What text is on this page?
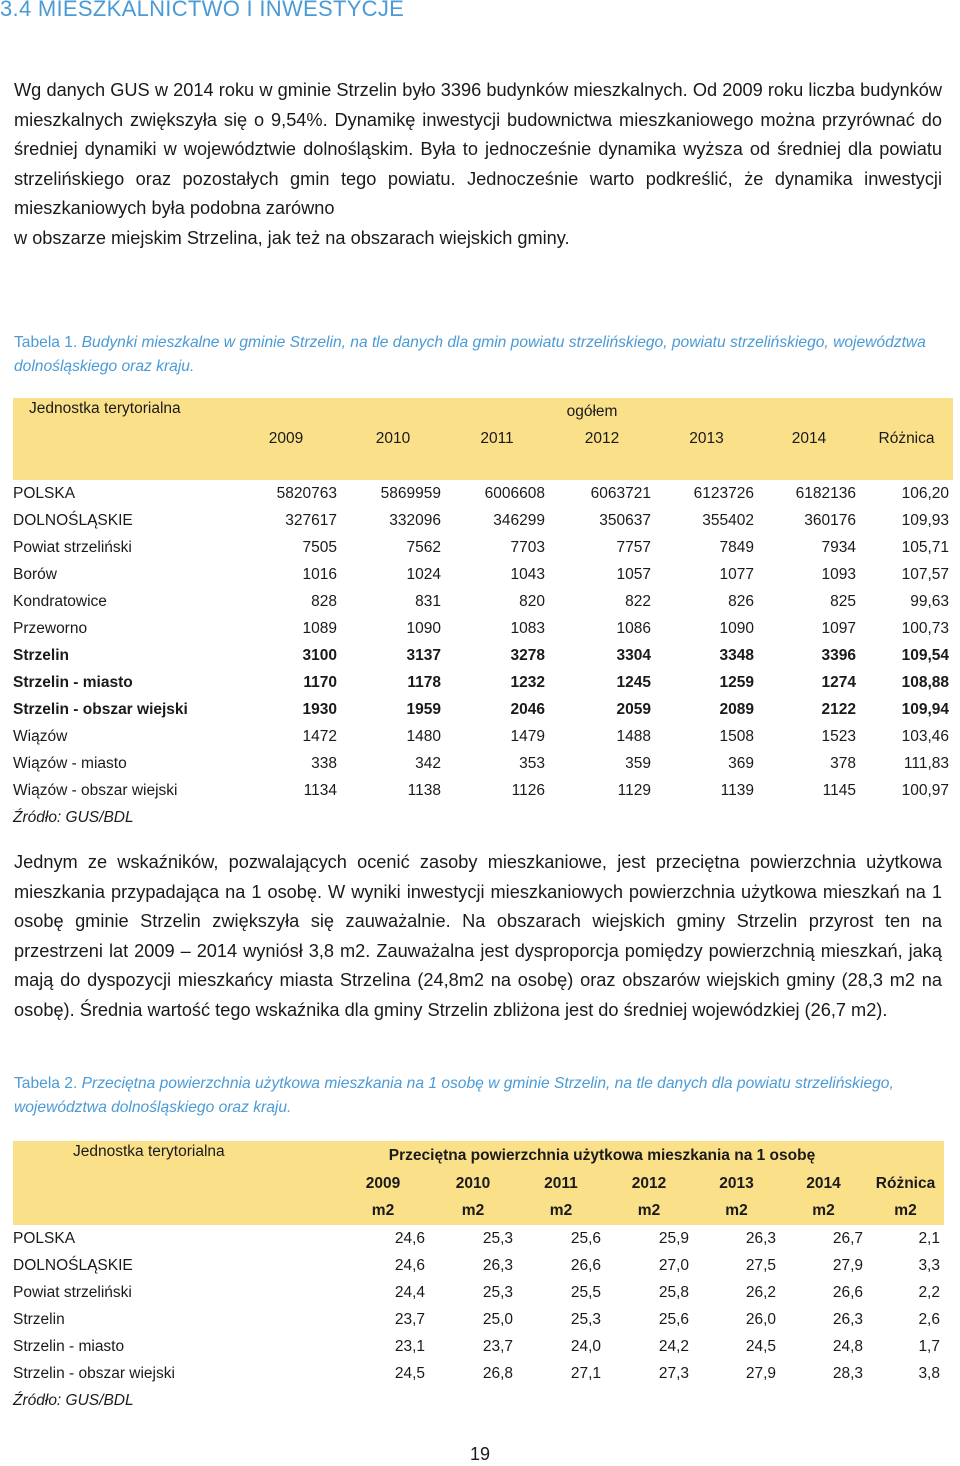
3.4 MIESZKALNICTWO I INWESTYCJE
Wg danych GUS w 2014 roku w gminie Strzelin było 3396 budynków mieszkalnych. Od 2009 roku liczba budynków mieszkalnych zwiększyła się o 9,54%. Dynamikę inwestycji budownictwa mieszkaniowego można przyrównać do średniej dynamiki w województwie dolnośląskim. Była to jednocześnie dynamika wyższa od średniej dla powiatu strzelińskiego oraz pozostałych gmin tego powiatu. Jednocześnie warto podkreślić, że dynamika inwestycji mieszkaniowych była podobna zarówno
w obszarze miejskim Strzelina, jak też na obszarach wiejskich gminy.
Tabela 1. Budynki mieszkalne w gminie Strzelin, na tle danych dla gmin powiatu strzelińskiego, powiatu strzelińskiego, województwa dolnośląskiego oraz kraju.
Jednostka terytorialna	ogółem						
	2009	2010	2011	2012	2013	2014	Różnica
POLSKA	5820763	5869959	6006608	6063721	6123726	6182136	106,20
DOLNOŚLĄSKIE	327617	332096	346299	350637	355402	360176	109,93
Powiat strzeliński	7505	7562	7703	7757	7849	7934	105,71
Borów	1016	1024	1043	1057	1077	1093	107,57
Kondratowice	828	831	820	822	826	825	99,63
Przeworno	1089	1090	1083	1086	1090	1097	100,73
Strzelin	3100	3137	3278	3304	3348	3396	109,54
Strzelin - miasto	1170	1178	1232	1245	1259	1274	108,88
Strzelin - obszar wiejski	1930	1959	2046	2059	2089	2122	109,94
Wiązów	1472	1480	1479	1488	1508	1523	103,46
Wiązów - miasto	338	342	353	359	369	378	111,83
Wiązów - obszar wiejski	1134	1138	1126	1129	1139	1145	100,97
Źródło: GUS/BDL							
Jednym ze wskaźników, pozwalających ocenić zasoby mieszkaniowe, jest przeciętna powierzchnia użytkowa mieszkania przypadająca na 1 osobę. W wyniki inwestycji mieszkaniowych powierzchnia użytkowa mieszkań na 1 osobę gminie Strzelin zwiększyła się zauważalnie. Na obszarach wiejskich gminy Strzelin przyrost ten na przestrzeni lat 2009 – 2014 wyniósł 3,8 m2. Zauważalna jest dysproporcja pomiędzy powierzchnią mieszkań, jaką mają do dyspozycji mieszkańcy miasta Strzelina (24,8m2 na osobę) oraz obszarów wiejskich gminy (28,3 m2 na osobę). Średnia wartość tego wskaźnika dla gminy Strzelin zbliżona jest do średniej wojewódzkiej (26,7 m2).
Tabela 2. Przeciętna powierzchnia użytkowa mieszkania na 1 osobę w gminie Strzelin, na tle danych dla powiatu strzelińskiego, województwa dolnośląskiego oraz kraju.
Jednostka terytorialna	Przeciętna powierzchnia użytkowa mieszkania na 1 osobę						
	2009	2010	2011	2012	2013	2014	Różnica
	m2	m2	m2	m2	m2	m2	m2
POLSKA	24,6	25,3	25,6	25,9	26,3	26,7	2,1
DOLNOŚLĄSKIE	24,6	26,3	26,6	27,0	27,5	27,9	3,3
Powiat strzeliński	24,4	25,3	25,5	25,8	26,2	26,6	2,2
Strzelin	23,7	25,0	25,3	25,6	26,0	26,3	2,6
Strzelin - miasto	23,1	23,7	24,0	24,2	24,5	24,8	1,7
Strzelin - obszar wiejski	24,5	26,8	27,1	27,3	27,9	28,3	3,8
Źródło: GUS/BDL							
19
